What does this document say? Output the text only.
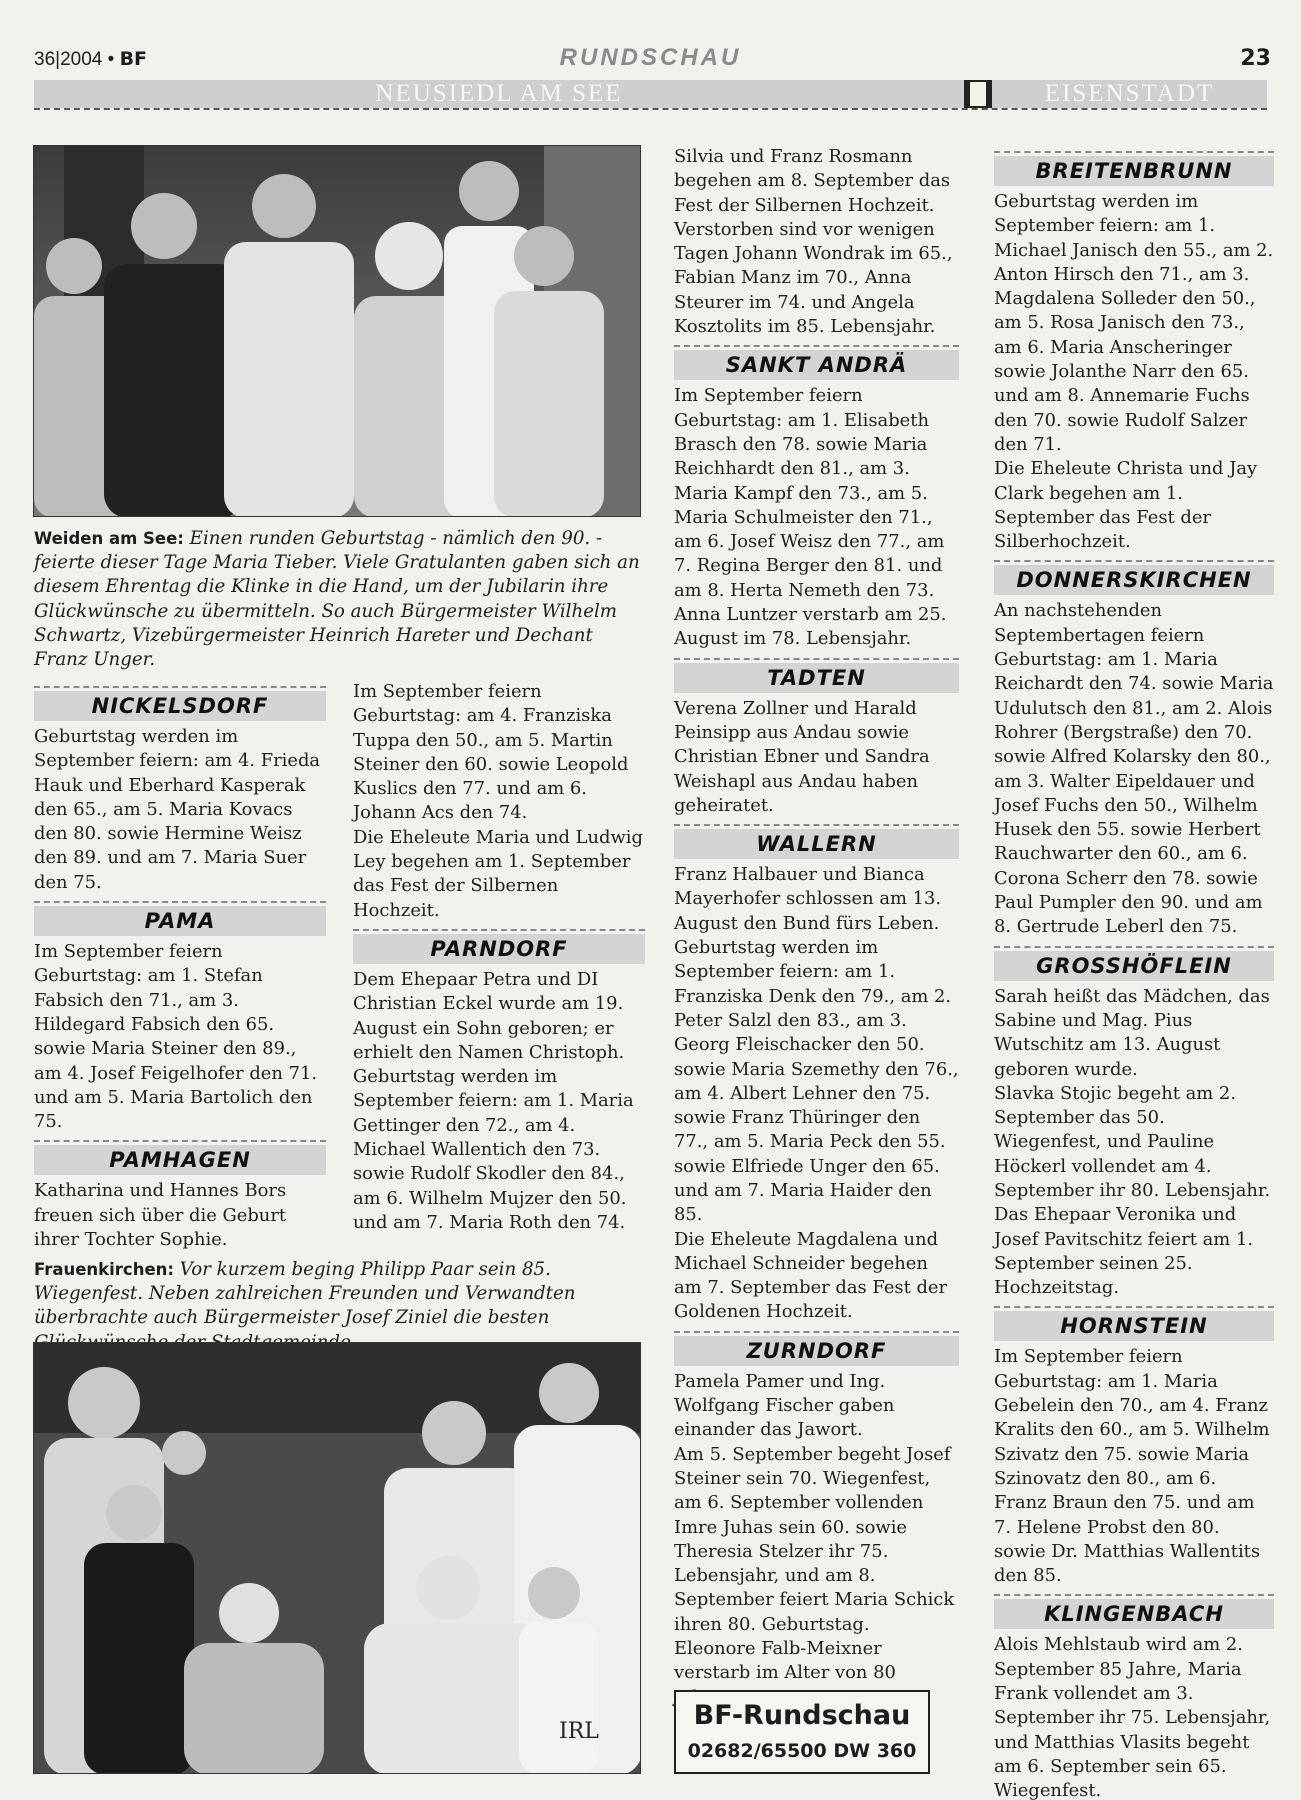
36|2004 • BF	RUNDSCHAU	23
NEUSIEDL AM SEE	EISENSTADT
Weiden am See: Einen runden Geburtstag - nämlich den 90. - feierte dieser Tage Maria Tieber. Viele Gratulanten gaben sich an diesem Ehrentag die Klinke in die Hand, um der Jubilarin ihre Glückwünsche zu übermitteln. So auch Bürgermeister Wilhelm Schwartz, Vizebürgermeister Heinrich Hareter und Dechant Franz Unger.
NICKELSDORF

Geburtstag werden im September feiern: am 4. Frieda Hauk und Eberhard Kasperak den 65., am 5. Maria Kovacs den 80. sowie Hermine Weisz den 89. und am 7. Maria Suer den 75.

PAMA

Im September feiern Geburtstag: am 1. Stefan Fabsich den 71., am 3. Hildegard Fabsich den 65. sowie Maria Steiner den 89., am 4. Josef Feigelhofer den 71. und am 5. Maria Bartolich den 75.

PAMHAGEN

Katharina und Hannes Bors freuen sich über die Geburt ihrer Tochter Sophie.

Im September feiern Geburtstag: am 4. Franziska Tuppa den 50., am 5. Martin Steiner den 60. sowie Leopold Kuslics den 77. und am 6. Johann Acs den 74.

Die Eheleute Maria und Ludwig Ley begehen am 1. September das Fest der Silbernen Hochzeit.

PARNDORF

Dem Ehepaar Petra und DI Christian Eckel wurde am 19. August ein Sohn geboren; er erhielt den Namen Christoph.

Geburtstag werden im September feiern: am 1. Maria Gettinger den 72., am 4. Michael Wallentich den 73. sowie Rudolf Skodler den 84., am 6. Wilhelm Mujzer den 50. und am 7. Maria Roth den 74.

Frauenkirchen: Vor kurzem beging Philipp Paar sein 85. Wiegenfest. Neben zahlreichen Freunden und Verwandten überbrachte auch Bürgermeister Josef Ziniel die besten
IRL

Silvia und Franz Rosmann begehen am 8. September das Fest der Silbernen Hochzeit.

Verstorben sind vor wenigen Tagen Johann Wondrak im 65., Fabian Manz im 70., Anna Steurer im 74. und Angela Kosztolits im 85. Lebensjahr.

SANKT ANDRÄ

Im September feiern Geburtstag: am 1. Elisabeth Brasch den 78. sowie Maria Reichhardt den 81., am 3. Maria Kampf den 73., am 5. Maria Schulmeister den 71., am 6. Josef Weisz den 77., am 7. Regina Berger den 81. und am 8. Herta Nemeth den 73.

Anna Luntzer verstarb am 25. August im 78. Lebensjahr.

TADTEN

Verena Zollner und Harald Peinsipp aus Andau sowie Christian Ebner und Sandra Weishapl aus Andau haben geheiratet.

WALLERN

Franz Halbauer und Bianca Mayerhofer schlossen am 13. August den Bund fürs Leben.

Geburtstag werden im September feiern: am 1. Franziska Denk den 79., am 2. Peter Salzl den 83., am 3. Georg Fleischacker den 50. sowie Maria Szemethy den 76., am 4. Albert Lehner den 75. sowie Franz Thüringer den 77., am 5. Maria Peck den 55. sowie Elfriede Unger den 65. und am 7. Maria Haider den 85.

Die Eheleute Magdalena und Michael Schneider begehen am 7. September das Fest der Goldenen Hochzeit.

ZURNDORF

Pamela Pamer und Ing. Wolfgang Fischer gaben einander das Jawort.

Am 5. September begeht Josef Steiner sein 70. Wiegenfest, am 6. September vollenden Imre Juhas sein 60. sowie Theresia Stelzer ihr 75. Lebensjahr, und am 8. September feiert Maria Schick ihren 80. Geburtstag.

Eleonore Falb-Meixner verstarb im Alter von 80

BF-Rundschau
02682/65500 DW 360
BREITENBRUNN

Geburtstag werden im September feiern: am 1. Michael Janisch den 55., am 2. Anton Hirsch den 71., am 3. Magdalena Solleder den 50., am 5. Rosa Janisch den 73., am 6. Maria Anscheringer sowie Jolanthe Narr den 65. und am 8. Annemarie Fuchs den 70. sowie Rudolf Salzer den 71.

Die Eheleute Christa und Jay Clark begehen am 1. September das Fest der Silberhochzeit.

DONNERSKIRCHEN

An nachstehenden Septembertagen feiern Geburtstag: am 1. Maria Reichardt den 74. sowie Maria Udulutsch den 81., am 2. Alois Rohrer (Bergstraße) den 70. sowie Alfred Kolarsky den 80., am 3. Walter Eipeldauer und Josef Fuchs den 50., Wilhelm Husek den 55. sowie Herbert Rauchwarter den 60., am 6. Corona Scherr den 78. sowie Paul Pumpler den 90. und am 8. Gertrude Leberl den 75.

GROSSHÖFLEIN

Sarah heißt das Mädchen, das Sabine und Mag. Pius Wutschitz am 13. August geboren wurde.

Slavka Stojic begeht am 2. September das 50. Wiegenfest, und Pauline Höckerl vollendet am 4. September ihr 80. Lebensjahr.

Das Ehepaar Veronika und Josef Pavitschitz feiert am 1. September seinen 25. Hochzeitstag.

HORNSTEIN

Im September feiern Geburtstag: am 1. Maria Gebelein den 70., am 4. Franz Kralits den 60., am 5. Wilhelm Szivatz den 75. sowie Maria Szinovatz den 80., am 6. Franz Braun den 75. und am 7. Helene Probst den 80. sowie Dr. Matthias Wallentits den 85.

KLINGENBACH

Alois Mehlstaub wird am 2. September 85 Jahre, Maria Frank vollendet am 3. September ihr 75. Lebensjahr, und Matthias Vlasits begeht am 6. September sein 65. Wiegenfest.
